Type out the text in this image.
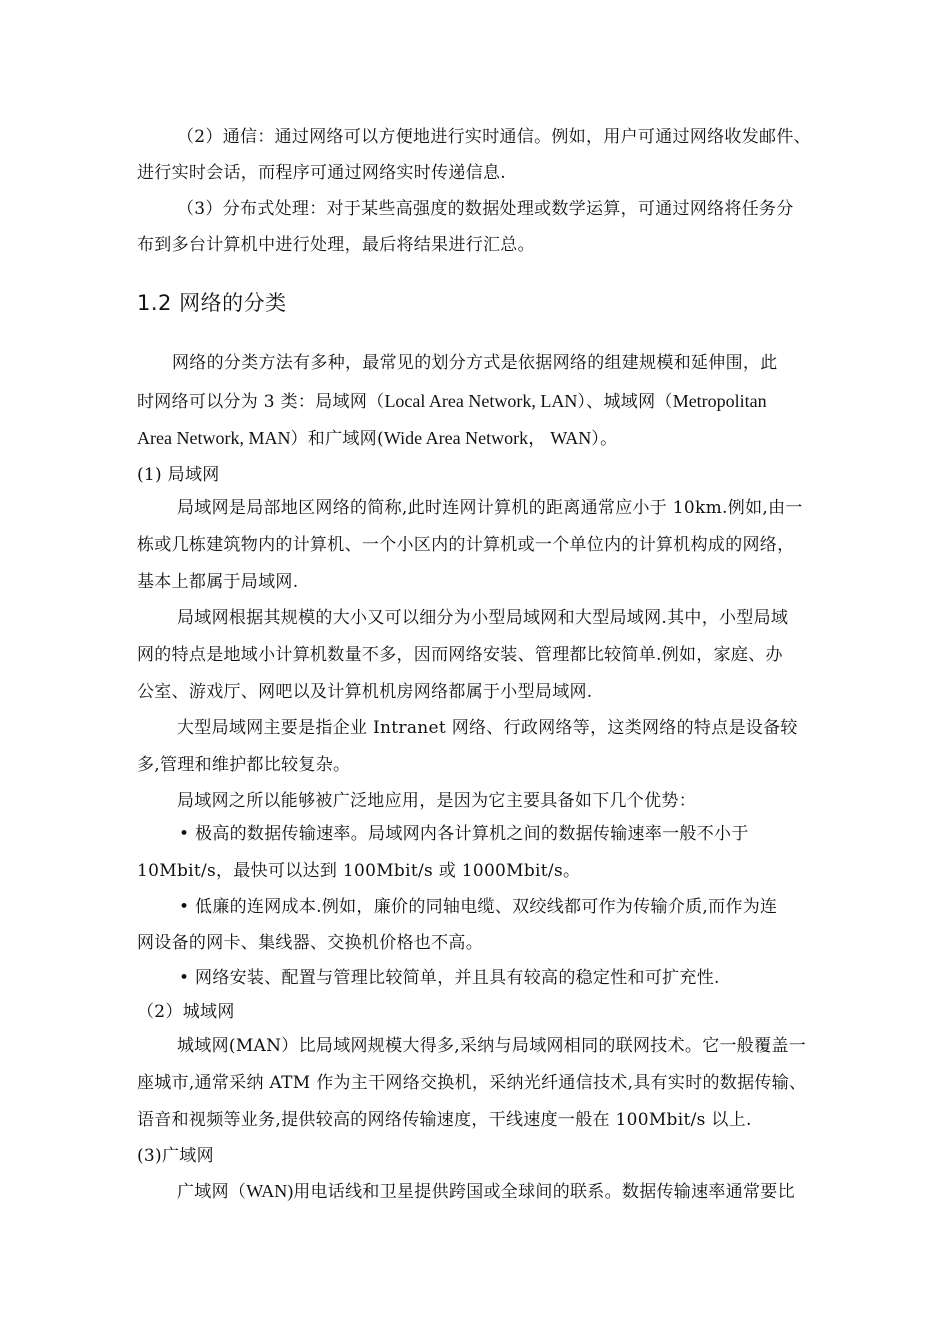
（2）通信：通过网络可以方便地进行实时通信。例如，用户可通过网络收发邮件、
进行实时会话，而程序可通过网络实时传递信息.
（3）分布式处理：对于某些高强度的数据处理或数学运算，可通过网络将任务分
布到多台计算机中进行处理，最后将结果进行汇总。
1.2 网络的分类
网络的分类方法有多种，最常见的划分方式是依据网络的组建规模和延伸围，此
时网络可以分为 3 类：局域网（Local Area Network, LAN）、城域网（Metropolitan
Area Network, MAN）和广域网(Wide Area Network， WAN）。
(1) 局域网
局域网是局部地区网络的简称,此时连网计算机的距离通常应小于 10km.例如,由一
栋或几栋建筑物内的计算机、一个小区内的计算机或一个单位内的计算机构成的网络，
基本上都属于局域网.
局域网根据其规模的大小又可以细分为小型局域网和大型局域网.其中，小型局域
网的特点是地域小计算机数量不多，因而网络安装、管理都比较简单.例如，家庭、办
公室、游戏厅、网吧以及计算机机房网络都属于小型局域网.
大型局域网主要是指企业 Intranet 网络、行政网络等，这类网络的特点是设备较
多,管理和维护都比较复杂。
局域网之所以能够被广泛地应用，是因为它主要具备如下几个优势：
• 极高的数据传输速率。局域网内各计算机之间的数据传输速率一般不小于
10Mbit/s，最快可以达到 100Mbit/s 或 1000Mbit/s。
• 低廉的连网成本.例如，廉价的同轴电缆、双绞线都可作为传输介质,而作为连
网设备的网卡、集线器、交换机价格也不高。
• 网络安装、配置与管理比较简单，并且具有较高的稳定性和可扩充性.
（2）城域网
城域网(MAN）比局域网规模大得多,采纳与局域网相同的联网技术。它一般覆盖一
座城市,通常采纳 ATM 作为主干网络交换机，采纳光纤通信技术,具有实时的数据传输、
语音和视频等业务,提供较高的网络传输速度，干线速度一般在 100Mbit/s 以上.
(3)广域网
广域网（WAN)用电话线和卫星提供跨国或全球间的联系。数据传输速率通常要比
